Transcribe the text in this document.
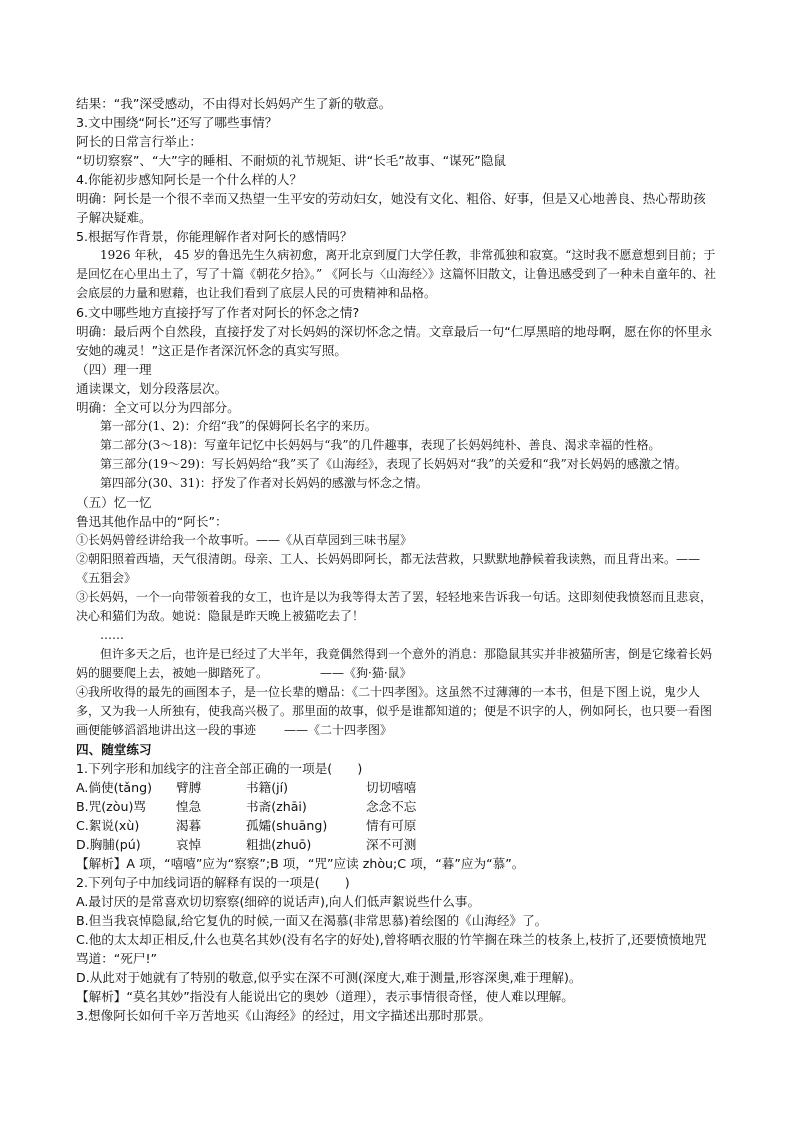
结果：“我”深受感动，不由得对长妈妈产生了新的敬意。
3.文中围绕“阿长”还写了哪些事情？
阿长的日常言行举止：
“切切察察”、“大”字的睡相、不耐烦的礼节规矩、讲“长毛”故事、“谋死”隐鼠
4.你能初步感知阿长是一个什么样的人？
明确：阿长是一个很不幸而又热望一生平安的劳动妇女，她没有文化、粗俗、好事，但是又心地善良、热心帮助孩子解决疑难。
5.根据写作背景，你能理解作者对阿长的感情吗？
1926 年秋， 45 岁的鲁迅先生久病初愈，离开北京到厦门大学任教，非常孤独和寂寞。“这时我不愿意想到目前；于是回忆在心里出土了，写了十篇《朝花夕拾》。” 《阿长与〈山海经〉》这篇怀旧散文，让鲁迅感受到了一种未自童年的、社会底层的力量和慰藉，也让我们看到了底层人民的可贵精神和品格。
6.文中哪些地方直接抒写了作者对阿长的怀念之情?
明确：最后两个自然段，直接抒发了对长妈妈的深切怀念之情。文章最后一句“仁厚黑暗的地母啊，愿在你的怀里永安她的魂灵！”这正是作者深沉怀念的真实写照。
（四）理一理
通读课文，划分段落层次。
明确：全文可以分为四部分。
第一部分(1、2)：介绍“我”的保姆阿长名字的来历。
第二部分(3～18)：写童年记忆中长妈妈与“我”的几件趣事，表现了长妈妈纯朴、善良、渴求幸福的性格。
第三部分(19～29)：写长妈妈给“我”买了《山海经》，表现了长妈妈对“我”的关爱和“我”对长妈妈的感激之情。
第四部分(30、31)：抒发了作者对长妈妈的感激与怀念之情。
（五）忆一忆
鲁迅其他作品中的“阿长”：
①长妈妈曾经讲给我一个故事听。——《从百草园到三味书屋》
②朝阳照着西墙，天气很清朗。母亲、工人、长妈妈即阿长，都无法营救，只默默地静候着我读熟，而且背出来。——《五猖会》
③长妈妈，一个一向带领着我的女工，也许是以为我等得太苦了罢，轻轻地来告诉我一句话。这即刻使我愤怒而且悲哀，决心和猫们为敌。她说：隐鼠是昨天晚上被猫吃去了！
……
但许多天之后，也许是已经过了大半年，我竟偶然得到一个意外的消息：那隐鼠其实并非被猫所害，倒是它缘着长妈妈的腿要爬上去，被她一脚踏死了。	——《狗·猫·鼠》
④我所收得的最先的画图本子，是一位长辈的赠品：《二十四孝图》。这虽然不过薄薄的一本书，但是下图上说，鬼少人多，又为我一人所独有，使我高兴极了。那里面的故事，似乎是谁都知道的；便是不识字的人，例如阿长，也只要一看图画便能够滔滔地讲出这一段的事迹 ——《二十四孝图》
四、随堂练习
1.下列字形和加线字的注音全部正确的一项是(　　)
A.倘使(tǎng)	臂膊	书籍(jí)	切切嘻嘻
B.咒(zòu)骂	惶急	书斋(zhāi)	念念不忘
C.絮说(xù)	渴暮	孤孀(shuāng)	情有可原
D.胸脯(pú)	哀悼	粗拙(zhuō)	深不可测
【解析】A 项，“嘻嘻”应为“察察”;B 项，“咒”应读 zhòu;C 项，“暮”应为“慕”。
2.下列句子中加线词语的解释有误的一项是(　　)
A.最讨厌的是常喜欢切切察察(细碎的说话声),向人们低声絮说些什么事。
B.但当我哀悼隐鼠,给它复仇的时候,一面又在渴慕(非常思慕)着绘图的《山海经》了。
C.他的太太却正相反,什么也莫名其妙(没有名字的好处),曾将晒衣服的竹竿搁在珠兰的枝条上,枝折了,还要愤愤地咒骂道：“死尸!”
D.从此对于她就有了特别的敬意,似乎实在深不可测(深度大,难于测量,形容深奥,难于理解)。
【解析】“莫名其妙”指没有人能说出它的奥妙（道理），表示事情很奇怪，使人难以理解。
3.想像阿长如何千辛万苦地买《山海经》的经过，用文字描述出那时那景。
